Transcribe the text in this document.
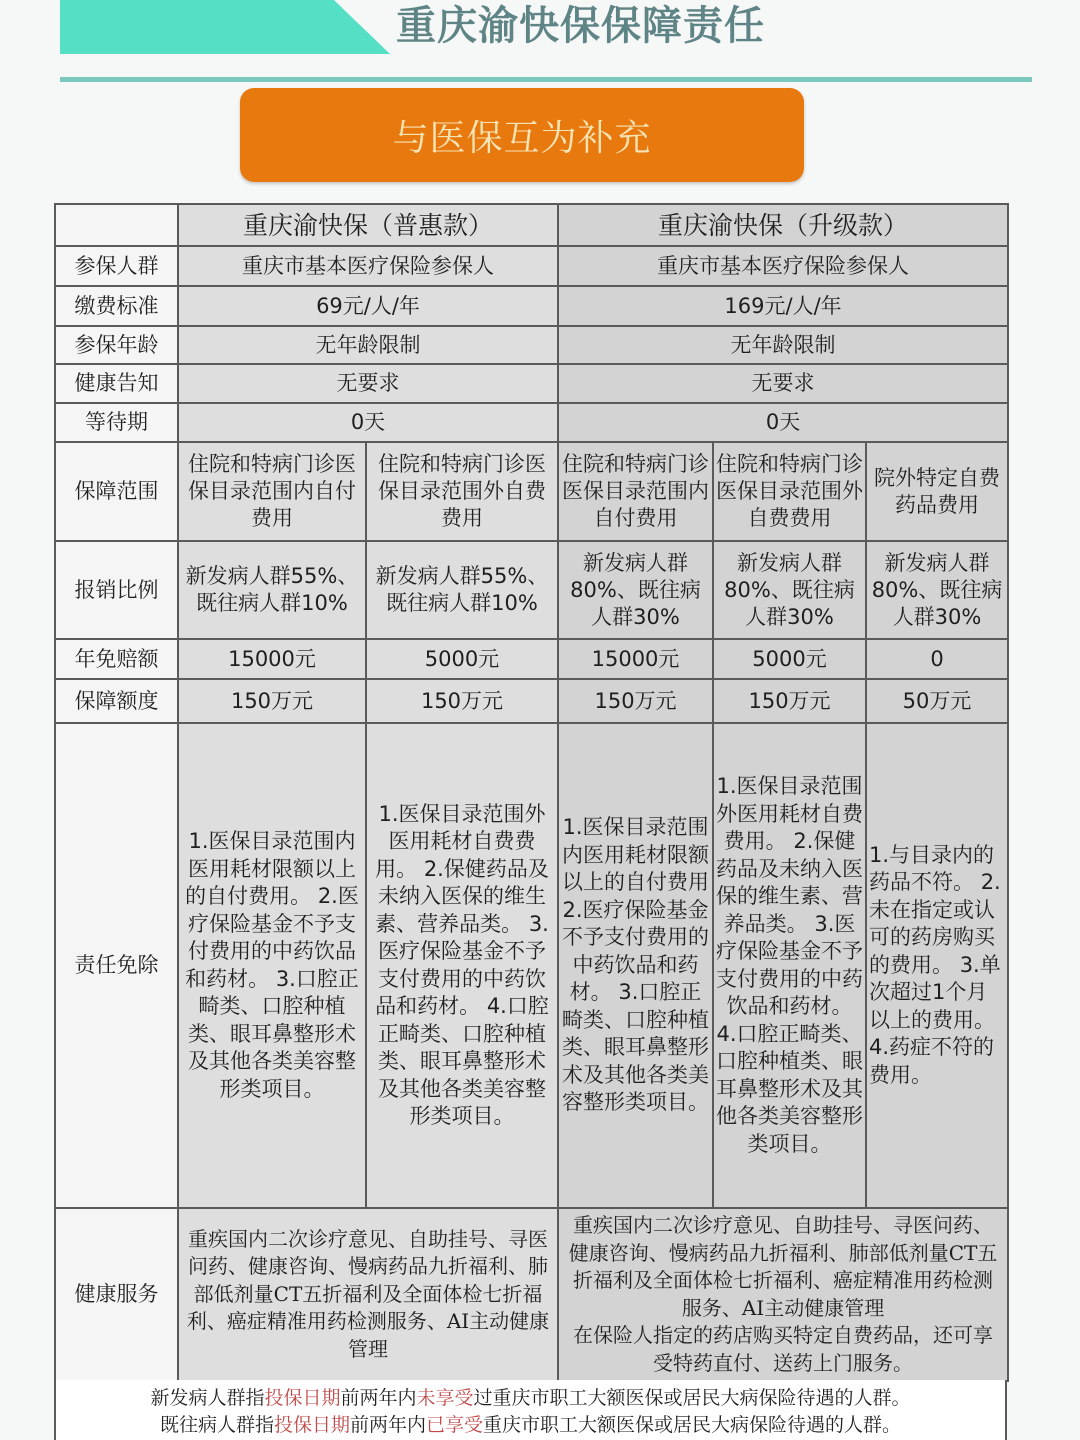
重庆渝快保保障责任
与医保互为补充
	重庆渝快保（普惠款）		重庆渝快保（升级款）		
参保人群	重庆市基本医疗保险参保人		重庆市基本医疗保险参保人		
缴费标准	69元/人/年		169元/人/年		
参保年龄	无年龄限制		无年龄限制		
健康告知	无要求		无要求		
等待期	0天		0天		
保障范围	住院和特病门诊医保目录范围内自付费用	住院和特病门诊医保目录范围外自费费用	住院和特病门诊医保目录范围内自付费用	住院和特病门诊医保目录范围外自费费用	院外特定自费药品费用
报销比例	新发病人群55%、既往病人群10%	新发病人群55%、既往病人群10%	新发病人群80%、既往病人群30%	新发病人群80%、既往病人群30%	新发病人群80%、既往病人群30%
年免赔额	15000元	5000元	15000元	5000元	0
保障额度	150万元	150万元	150万元	150万元	50万元
责任免除	1.医保目录范围内医用耗材限额以上的自付费用。 2.医疗保险基金不予支付费用的中药饮品和药材。 3.口腔正畸类、口腔种植类、眼耳鼻整形术及其他各类美容整形类项目。	1.医保目录范围外医用耗材自费费用。 2.保健药品及未纳入医保的维生素、营养品类。 3.医疗保险基金不予支付费用的中药饮品和药材。 4.口腔正畸类、口腔种植类、眼耳鼻整形术及其他各类美容整形类项目。	1.医保目录范围内医用耗材限额以上的自付费用 2.医疗保险基金不予支付费用的中药饮品和药材。 3.口腔正畸类、口腔种植类、眼耳鼻整形术及其他各类美容整形类项目。	1.医保目录范围外医用耗材自费费用。 2.保健药品及未纳入医保的维生素、营养品类。 3.医疗保险基金不予支付费用的中药饮品和药材。 4.口腔正畸类、口腔种植类、眼耳鼻整形术及其他各类美容整形类项目。	1.与目录内的药品不符。 2.未在指定或认可的药房购买的费用。 3.单次超过1个月以上的费用。 4.药症不符的费用。
健康服务	重疾国内二次诊疗意见、自助挂号、寻医问药、健康咨询、慢病药品九折福利、肺部低剂量CT五折福利及全面体检七折福利、癌症精准用药检测服务、AI主动健康管理		重疾国内二次诊疗意见、自助挂号、寻医问药、健康咨询、慢病药品九折福利、肺部低剂量CT五折福利及全面体检七折福利、癌症精准用药检测服务、AI主动健康管理
在保险人指定的药店购买特定自费药品，还可享受特药直付、送药上门服务。		
新发病人群指投保日期前两年内未享受过重庆市职工大额医保或居民大病保险待遇的人群。
既往病人群指投保日期前两年内已享受重庆市职工大额医保或居民大病保险待遇的人群。
